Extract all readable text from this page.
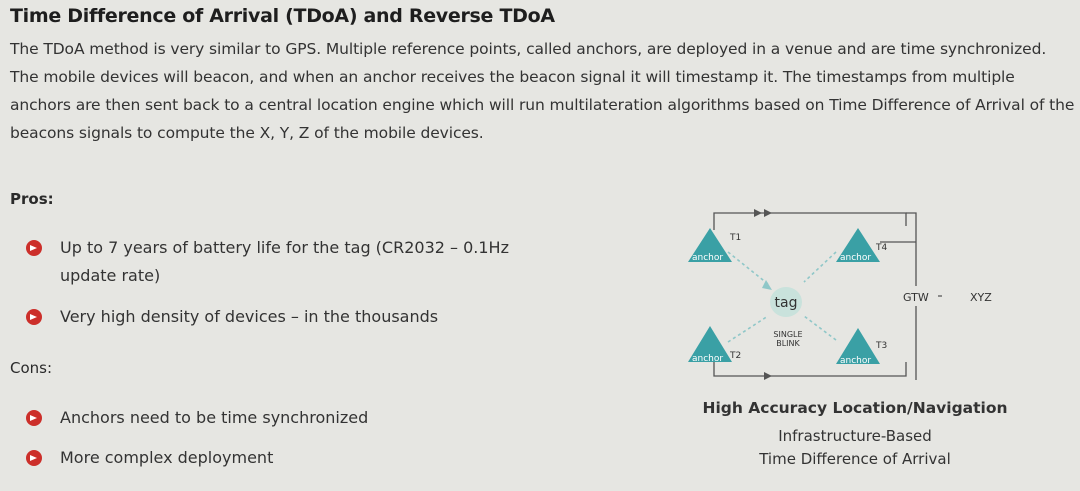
Time Difference of Arrival (TDoA) and Reverse TDoA
The TDoA method is very similar to GPS. Multiple reference points, called anchors, are deployed in a venue and are time synchronized. The mobile devices will beacon, and when an anchor receives the beacon signal it will timestamp it. The timestamps from multiple anchors are then sent back to a central location engine which will run multilateration algorithms based on Time Difference of Arrival of the beacons signals to compute the X, Y, Z of the mobile devices.
Pros:
Up to 7 years of battery life for the tag (CR2032 – 0.1Hz update rate)
Very high density of devices – in the thousands
Cons:
Anchors need to be time synchronized
More complex deployment
anchor
T1
anchor
T4
anchor T2	anchor
T3
tag
SINGLE
BLINK
GTW	XYZ
High Accuracy Location/Navigation
Infrastructure-Based
Time Difference of Arrival
